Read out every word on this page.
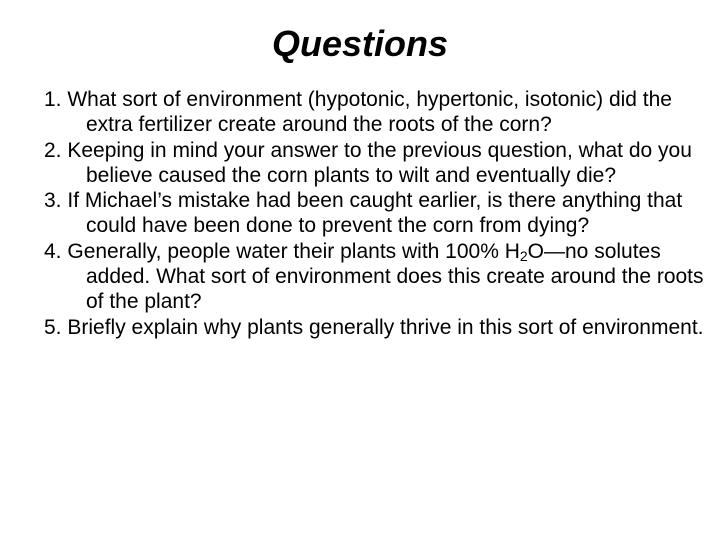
Questions
1. What sort of environment (hypotonic, hypertonic, isotonic) did the extra fertilizer create around the roots of the corn?
2. Keeping in mind your answer to the previous question, what do you believe caused the corn plants to wilt and eventually die?
3. If Michael’s mistake had been caught earlier, is there anything that could have been done to prevent the corn from dying?
4. Generally, people water their plants with 100% $H_2O—no$ solutes added. What sort of environment does this create around the roots of the plant?
5. Briefly explain why plants generally thrive in this sort of environment.
